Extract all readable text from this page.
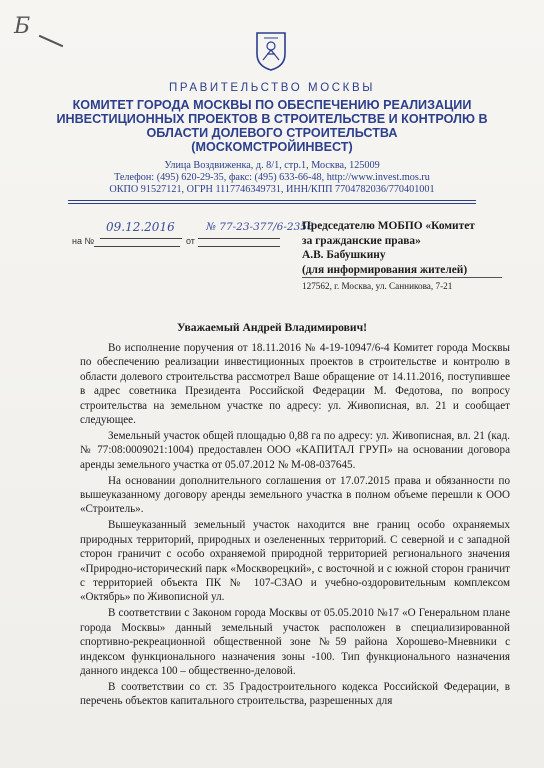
Б
ПРАВИТЕЛЬСТВО МОСКВЫ
КОМИТЕТ ГОРОДА МОСКВЫ ПО ОБЕСПЕЧЕНИЮ РЕАЛИЗАЦИИ
ИНВЕСТИЦИОННЫХ ПРОЕКТОВ В СТРОИТЕЛЬСТВЕ И КОНТРОЛЮ В
ОБЛАСТИ ДОЛЕВОГО СТРОИТЕЛЬСТВА
(МОСКОМСТРОЙИНВЕСТ)
Улица Воздвиженка, д. 8/1, стр.1, Москва, 125009
Телефон: (495) 620-29-35, факс: (495) 633-66-48, http://www.invest.mos.ru
ОКПО 91527121, ОГРН 1117746349731, ИНН/КПП 7704782036/770401001
09.12.2016	№ 77-23-377/6-2356
на №	от
Председателю МОБПО «Комитет
за гражданские права»
А.В. Бабушкину
(для информирования жителей)
127562, г. Москва, ул. Санникова, 7-21
Уважаемый Андрей Владимирович!

Во исполнение поручения от 18.11.2016 № 4-19-10947/6-4 Комитет города Москвы по обеспечению реализации инвестиционных проектов в строительстве и контролю в области долевого строительства рассмотрел Ваше обращение от 14.11.2016, поступившее в адрес советника Президента Российской Федерации М. Федотова, по вопросу строительства на земельном участке по адресу: ул. Живописная, вл. 21 и сообщает следующее.

Земельный участок общей площадью 0,88 га по адресу: ул. Живописная, вл. 21 (кад. № 77:08:0009021:1004) предоставлен ООО «КАПИТАЛ ГРУП» на основании договора аренды земельного участка от 05.07.2012 № М-08-037645.

На основании дополнительного соглашения от 17.07.2015 права и обязанности по вышеуказанному договору аренды земельного участка в полном объеме перешли к ООО «Строитель».

Вышеуказанный земельный участок находится вне границ особо охраняемых природных территорий, природных и озелененных территорий. С северной и с западной сторон граничит с особо охраняемой природной территорией регионального значения «Природно-исторический парк «Москворецкий», с восточной и с южной сторон граничит с территорией объекта ПК № 107-СЗАО и учебно-оздоровительным комплексом «Октябрь» по Живописной ул.

В соответствии с Законом города Москвы от 05.05.2010 №17 «О Генеральном плане города Москвы» данный земельный участок расположен в специализированной спортивно-рекреационной общественной зоне №59 района Хорошево-Мневники с индексом функционального назначения зоны -100. Тип функционального назначения данного индекса 100 – общественно-деловой.

В соответствии со ст. 35 Градостроительного кодекса Российской Федерации, в перечень объектов капитального строительства, разрешенных для
